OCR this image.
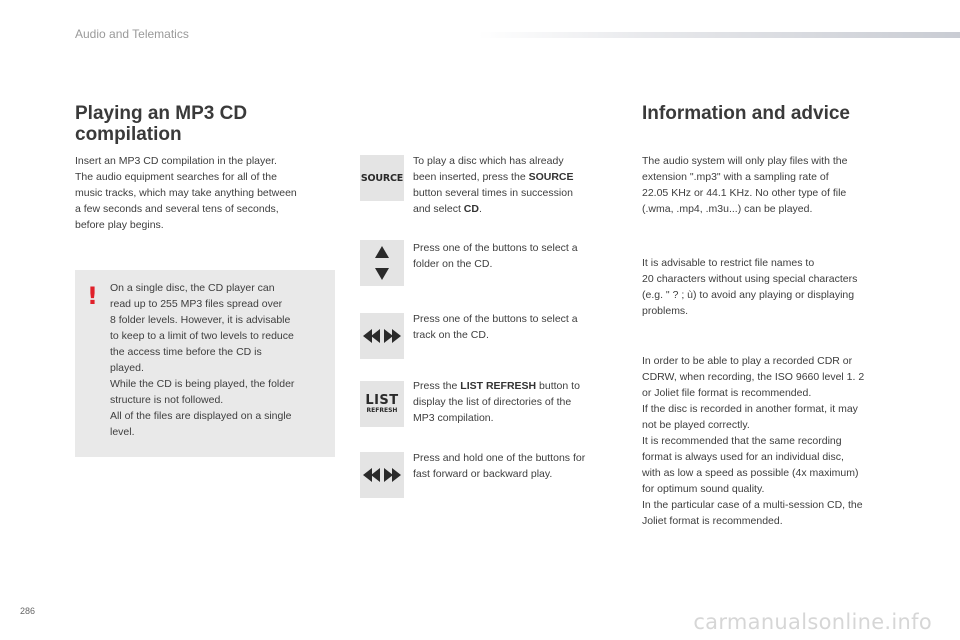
Audio and Telematics
Playing an MP3 CD
compilation
Insert an MP3 CD compilation in the player.
The audio equipment searches for all of the
music tracks, which may take anything between
a few seconds and several tens of seconds,
before play begins.
! On a single disc, the CD player can
read up to 255 MP3 files spread over
8 folder levels. However, it is advisable
to keep to a limit of two levels to reduce
the access time before the CD is
played.
While the CD is being played, the folder
structure is not followed.
All of the files are displayed on a single
level.
SOURCE
LIST
REFRESH
To play a disc which has already
been inserted, press the SOURCE
button several times in succession
and select CD.
Press one of the buttons to select a
folder on the CD.
Press one of the buttons to select a
track on the CD.
Press the LIST REFRESH button to
display the list of directories of the
MP3 compilation.
Press and hold one of the buttons for
fast forward or backward play.
Information and advice
The audio system will only play files with the
extension ".mp3" with a sampling rate of
22.05 KHz or 44.1 KHz. No other type of file
(.wma, .mp4, .m3u...) can be played.
It is advisable to restrict file names to
20 characters without using special characters
(e.g. " ? ; ù) to avoid any playing or displaying
problems.
In order to be able to play a recorded CDR or
CDRW, when recording, the ISO 9660 level 1. 2
or Joliet file format is recommended.
If the disc is recorded in another format, it may
not be played correctly.
It is recommended that the same recording
format is always used for an individual disc,
with as low a speed as possible (4x maximum)
for optimum sound quality.
In the particular case of a multi-session CD, the
Joliet format is recommended.
286	carmanualsonline.info
